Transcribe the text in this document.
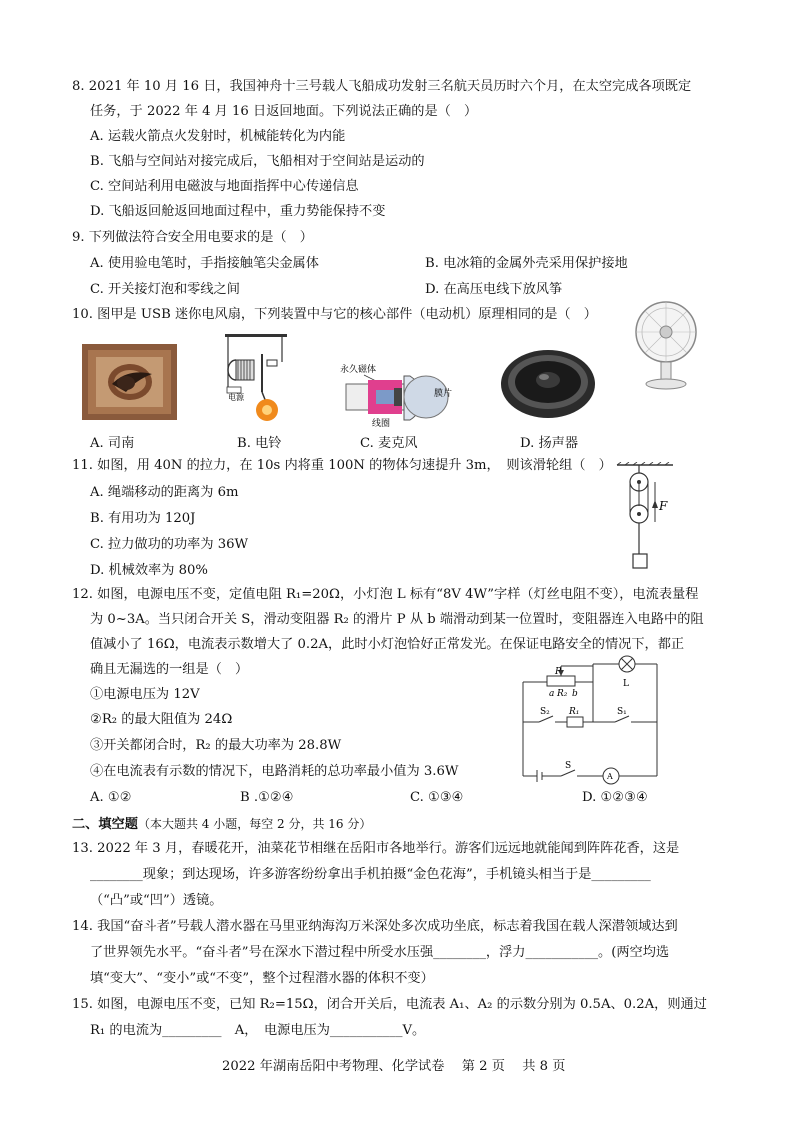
8. 2021 年 10 月 16 日，我国神舟十三号载人飞船成功发射三名航天员历时六个月，在太空完成各项既定
任务，于 2022 年 4 月 16 日返回地面。下列说法正确的是（　）
A. 运载火箭点火发射时，机械能转化为内能
B. 飞船与空间站对接完成后，飞船相对于空间站是运动的
C. 空间站利用电磁波与地面指挥中心传递信息
D. 飞船返回舱返回地面过程中，重力势能保持不变
9. 下列做法符合安全用电要求的是（　）
A. 使用验电笔时，手指接触笔尖金属体	B. 电冰箱的金属外壳采用保护接地
C. 开关接灯泡和零线之间	D. 在高压电线下放风筝
10. 图甲是 USB 迷你电风扇，下列装置中与它的核心部件（电动机）原理相同的是（　）
电源
永久磁体
膜片
线圈
A. 司南	B. 电铃	C. 麦克风	D. 扬声器
11. 如图，用 40N 的拉力，在 10s 内将重 100N 的物体匀速提升 3m，　则该滑轮组（　）
A. 绳端移动的距离为 6m
B. 有用功为 120J
C. 拉力做功的功率为 36W
D. 机械效率为 80%
F
12. 如图，电源电压不变，定值电阻 R₁=20Ω，小灯泡 L 标有“8V 4W”字样（灯丝电阻不变），电流表量程
为 0~3A。当只闭合开关 S，滑动变阻器 R₂ 的滑片 P 从 b 端滑动到某一位置时，变阻器连入电路中的阻
值减小了 16Ω，电流表示数增大了 0.2A，此时小灯泡恰好正常发光。在保证电路安全的情况下，都正
确且无漏选的一组是（　）
①电源电压为 12V
②R₂ 的最大阻值为 24Ω
③开关都闭合时，R₂ 的最大功率为 28.8W
④在电流表有示数的情况下，电路消耗的总功率最小值为 3.6W
A. ①②	B .①②④	C. ①③④	D. ①②③④
P
a R₂ b
L
S₂ R₁	S₁
S
A
二、填空题（本大题共 4 小题，每空 2 分，共 16 分）
13. 2022 年 3 月，春暖花开，油菜花节相继在岳阳市各地举行。游客们远远地就能闻到阵阵花香，这是
________现象；到达现场，许多游客纷纷拿出手机拍摄“金色花海”，手机镜头相当于是_________
（“凸”或“凹”）透镜。
14. 我国“奋斗者”号载人潜水器在马里亚纳海沟万米深处多次成功坐底，标志着我国在载人深潜领域达到
了世界领先水平。“奋斗者”号在深水下潜过程中所受水压强________，浮力___________。(两空均选
填“变大”、“变小”或“不变”，整个过程潜水器的体积不变）
15. 如图，电源电压不变，已知 R₂=15Ω，闭合开关后，电流表 A₁、A₂ 的示数分别为 0.5A、0.2A，则通过
R₁ 的电流为_________　A，　电源电压为___________V。
2022 年湖南岳阳中考物理、化学试卷　 第 2 页　 共 8 页
